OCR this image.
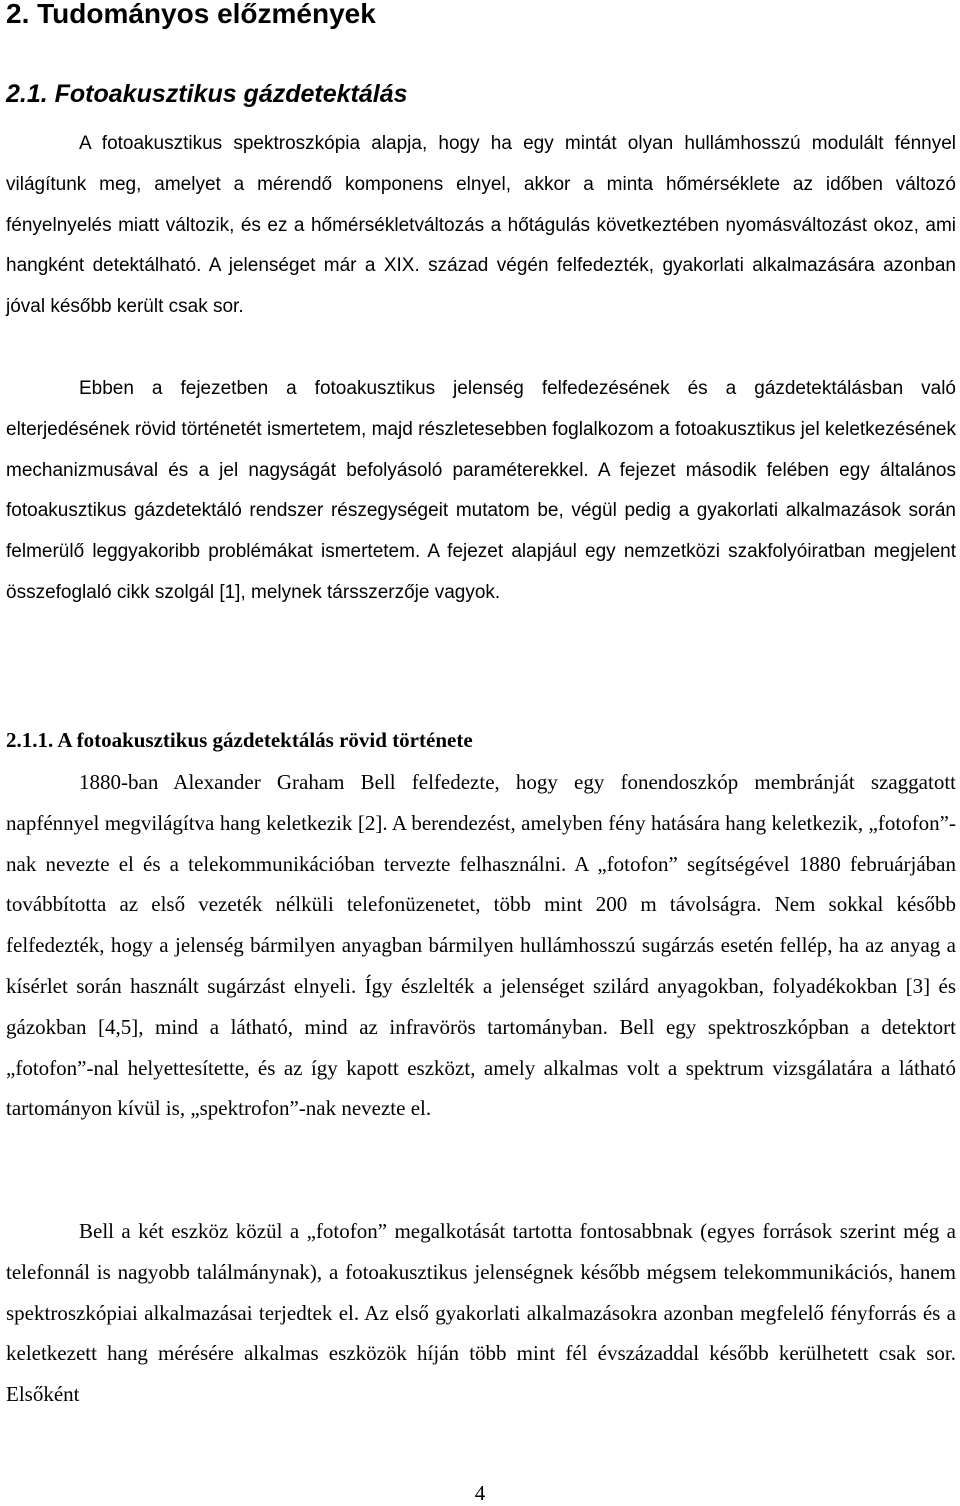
2. Tudományos előzmények
2.1. Fotoakusztikus gázdetektálás

A fotoakusztikus spektroszkópia alapja, hogy ha egy mintát olyan hullámhosszú modulált fénnyel világítunk meg, amelyet a mérendő komponens elnyel, akkor a minta hőmérséklete az időben változó fényelnyelés miatt változik, és ez a hőmérsékletváltozás a hőtágulás következtében nyomásváltozást okoz, ami hangként detektálható. A jelenséget már a XIX. század végén felfedezték, gyakorlati alkalmazására azonban jóval később került csak sor.

Ebben a fejezetben a fotoakusztikus jelenség felfedezésének és a gázdetektálásban való elterjedésének rövid történetét ismertetem, majd részletesebben foglalkozom a fotoakusztikus jel keletkezésének mechanizmusával és a jel nagyságát befolyásoló paraméterekkel. A fejezet második felében egy általános fotoakusztikus gázdetektáló rendszer részegységeit mutatom be, végül pedig a gyakorlati alkalmazások során felmerülő leggyakoribb problémákat ismertetem. A fejezet alapjául egy nemzetközi szakfolyóiratban megjelent összefoglaló cikk szolgál [1], melynek társszerzője vagyok.

2.1.1. A fotoakusztikus gázdetektálás rövid története

1880-ban Alexander Graham Bell felfedezte, hogy egy fonendoszkóp membránját szaggatott napfénnyel megvilágítva hang keletkezik [2]. A berendezést, amelyben fény hatására hang keletkezik, „fotofon”-nak nevezte el és a telekommunikációban tervezte felhasználni. A „fotofon” segítségével 1880 februárjában továbbította az első vezeték nélküli telefonüzenetet, több mint 200 m távolságra. Nem sokkal később felfedezték, hogy a jelenség bármilyen anyagban bármilyen hullámhosszú sugárzás esetén fellép, ha az anyag a kísérlet során használt sugárzást elnyeli. Így észlelték a jelenséget szilárd anyagokban, folyadékokban [3] és gázokban [4,5], mind a látható, mind az infravörös tartományban. Bell egy spektroszkópban a detektort „fotofon”-nal helyettesítette, és az így kapott eszközt, amely alkalmas volt a spektrum vizsgálatára a látható tartományon kívül is, „spektrofon”-nak nevezte el.

Bell a két eszköz közül a „fotofon” megalkotását tartotta fontosabbnak (egyes források szerint még a telefonnál is nagyobb találmánynak), a fotoakusztikus jelenségnek később mégsem telekommunikációs, hanem spektroszkópiai alkalmazásai terjedtek el. Az első gyakorlati alkalmazásokra azonban megfelelő fényforrás és a keletkezett hang mérésére alkalmas eszközök híján több mint fél évszázaddal később kerülhetett csak sor. Elsőként

4
